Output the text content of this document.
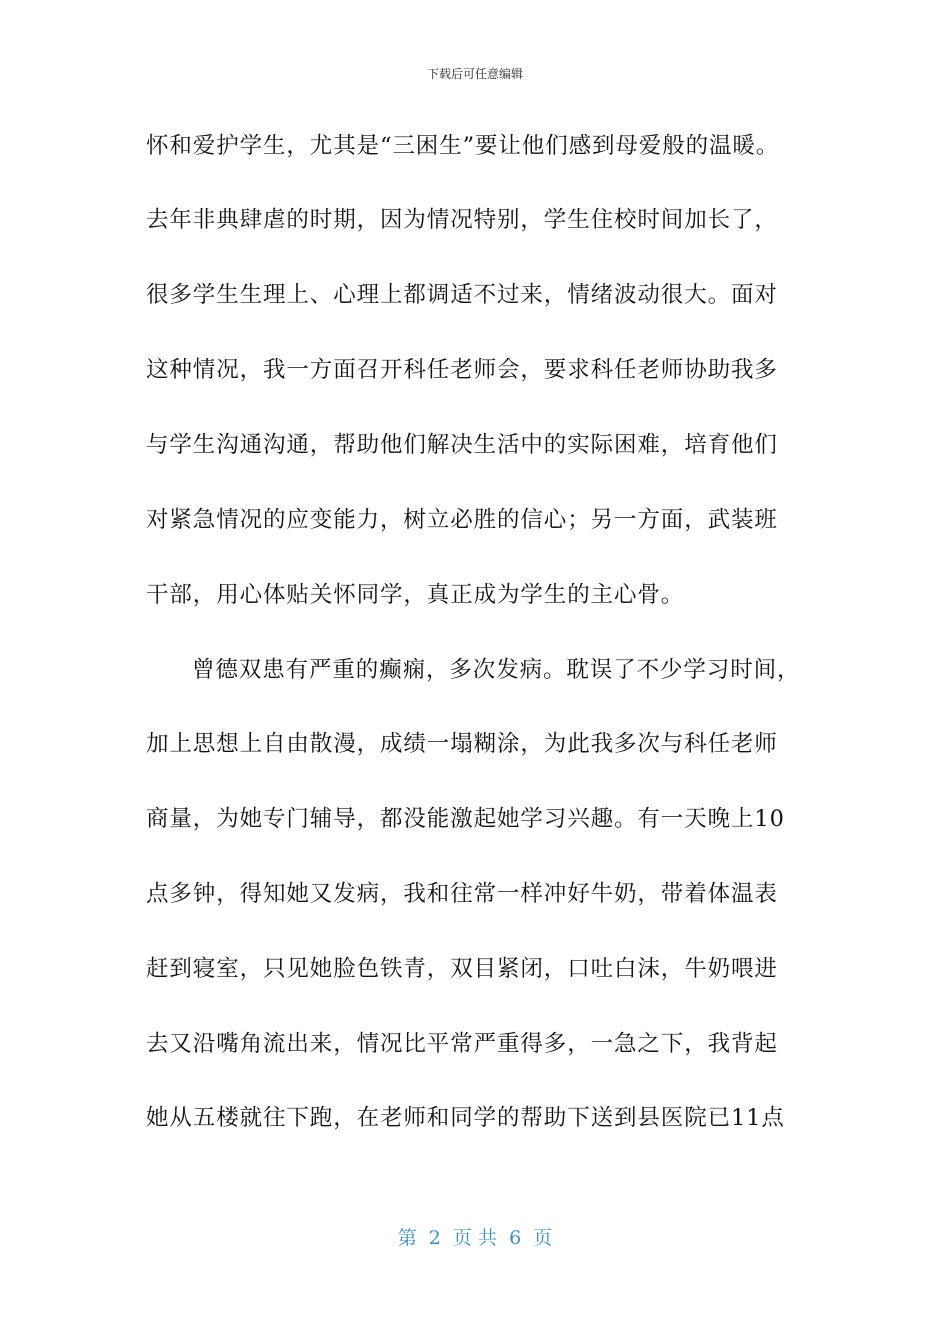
下载后可任意编辑
怀和爱护学生，尤其是“三困生”要让他们感到母爱般的温暖。
去年非典肆虐的时期，因为情况特别，学生住校时间加长了，
很多学生生理上、心理上都调适不过来，情绪波动很大。面对
这种情况，我一方面召开科任老师会，要求科任老师协助我多
与学生沟通沟通，帮助他们解决生活中的实际困难，培育他们
对紧急情况的应变能力，树立必胜的信心；另一方面，武装班
干部，用心体贴关怀同学，真正成为学生的主心骨。
曾德双患有严重的癫痫，多次发病。耽误了不少学习时间，
加上思想上自由散漫，成绩一塌糊涂，为此我多次与科任老师
商量，为她专门辅导，都没能激起她学习兴趣。有一天晚上10
点多钟，得知她又发病，我和往常一样冲好牛奶，带着体温表
赶到寝室，只见她脸色铁青，双目紧闭，口吐白沫，牛奶喂进
去又沿嘴角流出来，情况比平常严重得多，一急之下，我背起
她从五楼就往下跑，在老师和同学的帮助下送到县医院已11点
第  2  页 共  6  页
